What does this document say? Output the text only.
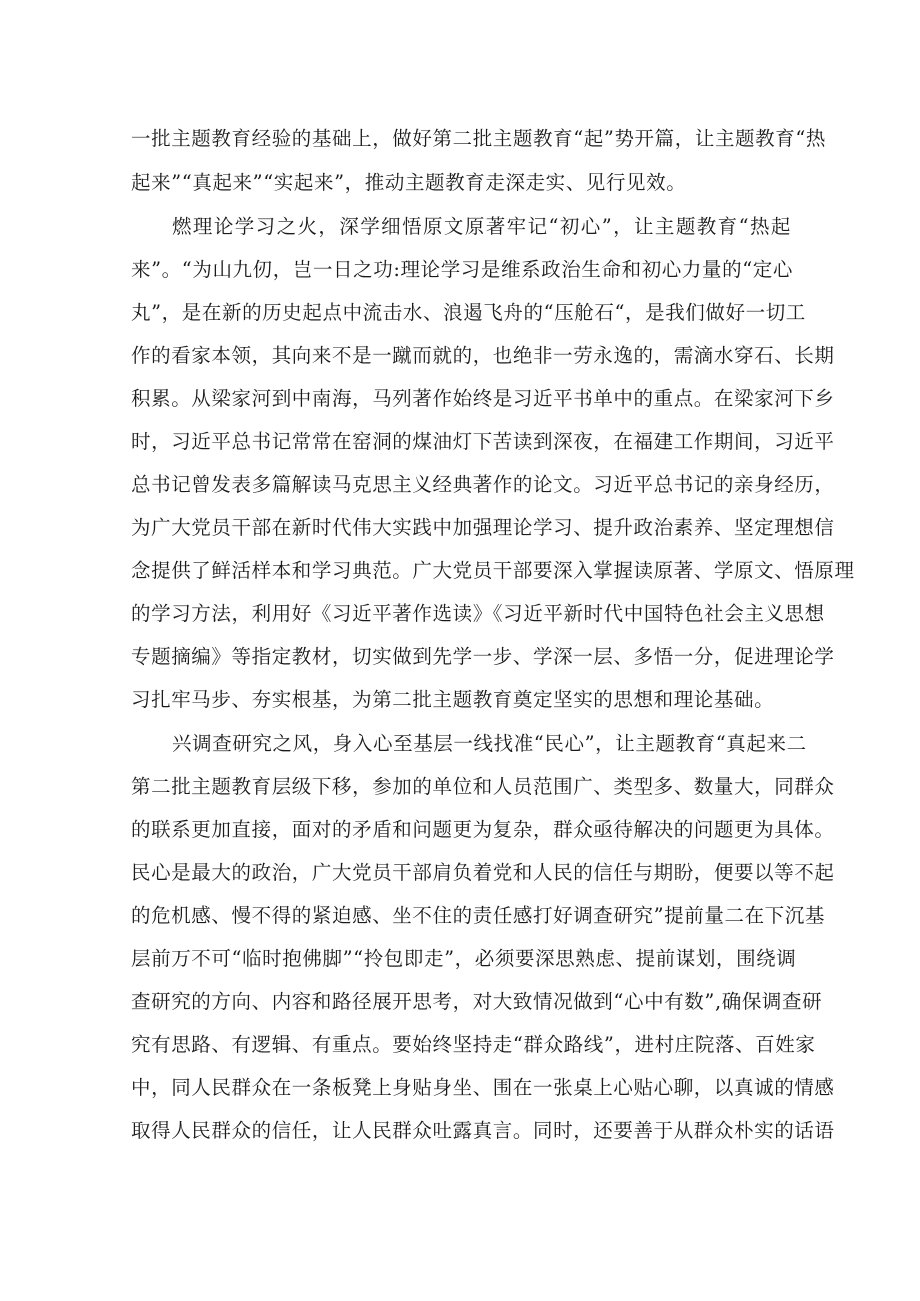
一批主题教育经验的基础上，做好第二批主题教育“起”势开篇，让主题教育“热
起来”“真起来”“实起来”，推动主题教育走深走实、见行见效。
燃理论学习之火，深学细悟原文原著牢记“初心”，让主题教育“热起
来”。“为山九仞，岂一日之功:理论学习是维系政治生命和初心力量的“定心
丸”，是在新的历史起点中流击水、浪遏飞舟的“压舱石“，是我们做好一切工
作的看家本领，其向来不是一蹴而就的，也绝非一劳永逸的，需滴水穿石、长期
积累。从梁家河到中南海，马列著作始终是习近平书单中的重点。在梁家河下乡
时，习近平总书记常常在窑洞的煤油灯下苦读到深夜，在福建工作期间，习近平
总书记曾发表多篇解读马克思主义经典著作的论文。习近平总书记的亲身经历，
为广大党员干部在新时代伟大实践中加强理论学习、提升政治素养、坚定理想信
念提供了鲜活样本和学习典范。广大党员干部要深入掌握读原著、学原文、悟原理
的学习方法，利用好《习近平著作选读》《习近平新时代中国特色社会主义思想
专题摘编》等指定教材，切实做到先学一步、学深一层、多悟一分，促进理论学
习扎牢马步、夯实根基，为第二批主题教育奠定坚实的思想和理论基础。
兴调查研究之风，身入心至基层一线找准“民心”，让主题教育“真起来二
第二批主题教育层级下移，参加的单位和人员范围广、类型多、数量大，同群众
的联系更加直接，面对的矛盾和问题更为复杂，群众亟待解决的问题更为具体。
民心是最大的政治，广大党员干部肩负着党和人民的信任与期盼，便要以等不起
的危机感、慢不得的紧迫感、坐不住的责任感打好调查研究”提前量二在下沉基
层前万不可“临时抱佛脚”“拎包即走”，必须要深思熟虑、提前谋划，围绕调
查研究的方向、内容和路径展开思考，对大致情况做到“心中有数”,确保调查研
究有思路、有逻辑、有重点。要始终坚持走“群众路线”，进村庄院落、百姓家
中，同人民群众在一条板凳上身贴身坐、围在一张桌上心贴心聊，以真诚的情感
取得人民群众的信任，让人民群众吐露真言。同时，还要善于从群众朴实的话语
